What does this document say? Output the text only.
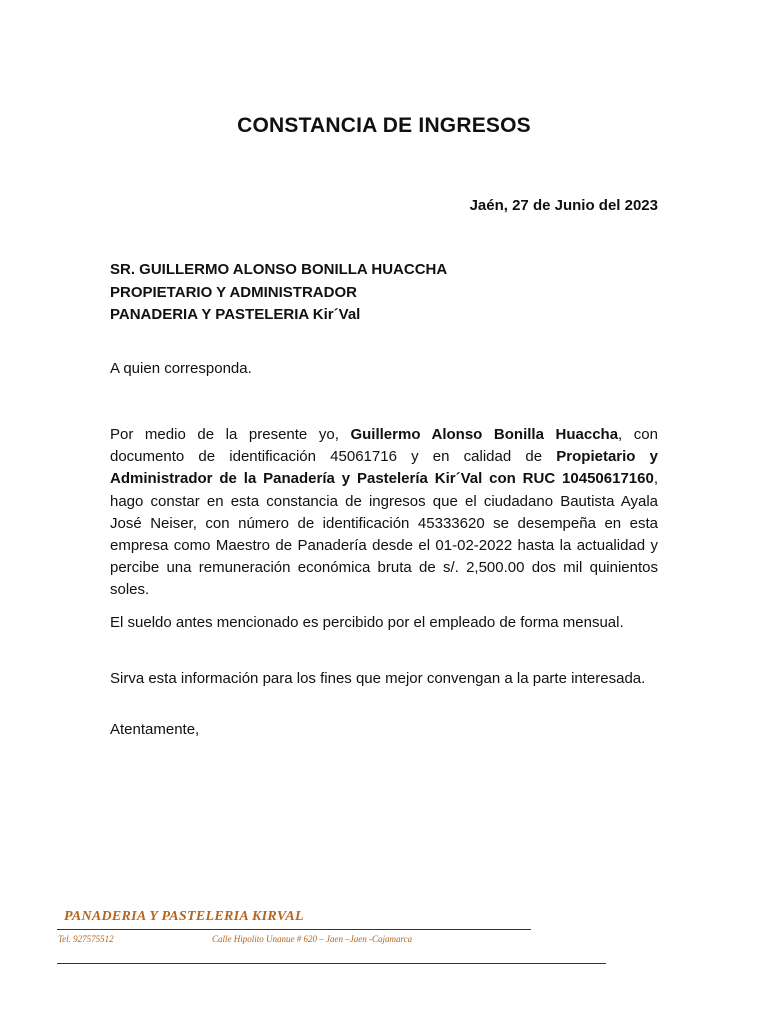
CONSTANCIA DE INGRESOS
Jaén, 27 de Junio del 2023
SR. GUILLERMO ALONSO BONILLA HUACCHA
PROPIETARIO Y ADMINISTRADOR
PANADERIA Y PASTELERIA Kir´Val
A quien corresponda.
Por medio de la presente yo, Guillermo Alonso Bonilla Huaccha, con documento de identificación 45061716 y en calidad de Propietario y Administrador de la Panadería y Pastelería Kir´Val con RUC 10450617160, hago constar en esta constancia de ingresos que el ciudadano Bautista Ayala José Neiser, con número de identificación 45333620 se desempeña en esta empresa como Maestro de Panadería desde el 01-02-2022 hasta la actualidad y percibe una remuneración económica bruta de s/. 2,500.00 dos mil quinientos soles.
El sueldo antes mencionado es percibido por el empleado de forma mensual.
Sirva esta información para los fines que mejor convengan a la parte interesada.
Atentamente,
PANADERIA Y PASTELERIA KIRVAL
Tel. 927575512	Calle Hipolito Unanue # 620 – Jaen –Jaen -Cajamarca
